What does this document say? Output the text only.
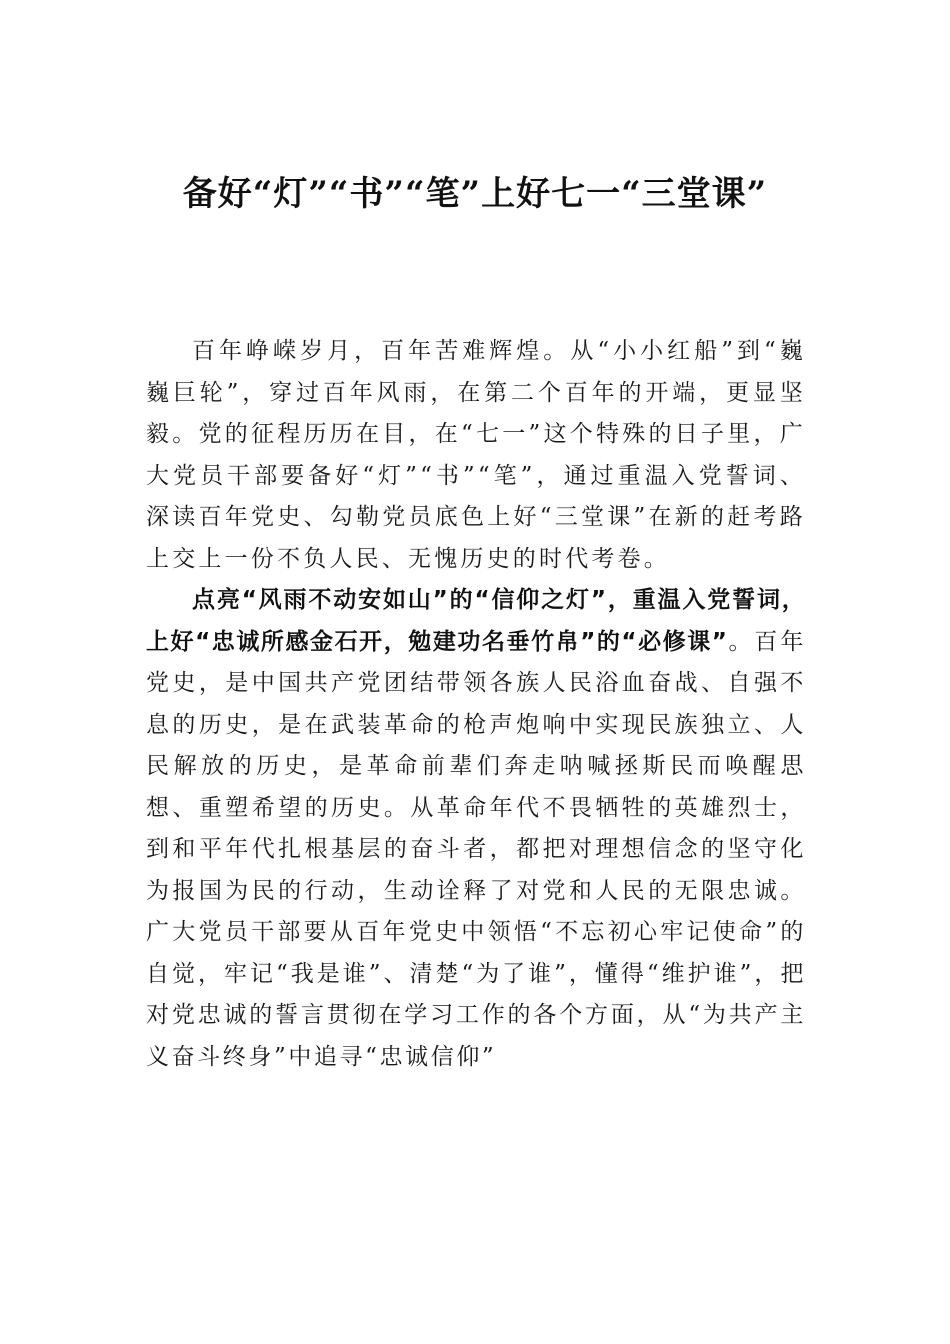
备好“灯”“书”“笔”上好七一“三堂课”

百年峥嵘岁月，百年苦难辉煌。从“小小红船”到“巍巍巨轮”，穿过百年风雨，在第二个百年的开端，更显坚毅。党的征程历历在目，在“七一”这个特殊的日子里，广大党员干部要备好“灯”“书”“笔”，通过重温入党誓词、深读百年党史、勾勒党员底色上好“三堂课”在新的赶考路上交上一份不负人民、无愧历史的时代考卷。

点亮“风雨不动安如山”的“信仰之灯”，重温入党誓词，上好“忠诚所感金石开，勉建功名垂竹帛”的“必修课”。百年党史，是中国共产党团结带领各族人民浴血奋战、自强不息的历史，是在武装革命的枪声炮响中实现民族独立、人民解放的历史，是革命前辈们奔走呐喊拯斯民而唤醒思想、重塑希望的历史。从革命年代不畏牺牲的英雄烈士，到和平年代扎根基层的奋斗者，都把对理想信念的坚守化为报国为民的行动，生动诠释了对党和人民的无限忠诚。广大党员干部要从百年党史中领悟“不忘初心牢记使命”的自觉，牢记“我是谁”、清楚“为了谁”，懂得“维护谁”，把对党忠诚的誓言贯彻在学习工作的各个方面，从“为共产主义奋斗终身”中追寻“忠诚信仰”
